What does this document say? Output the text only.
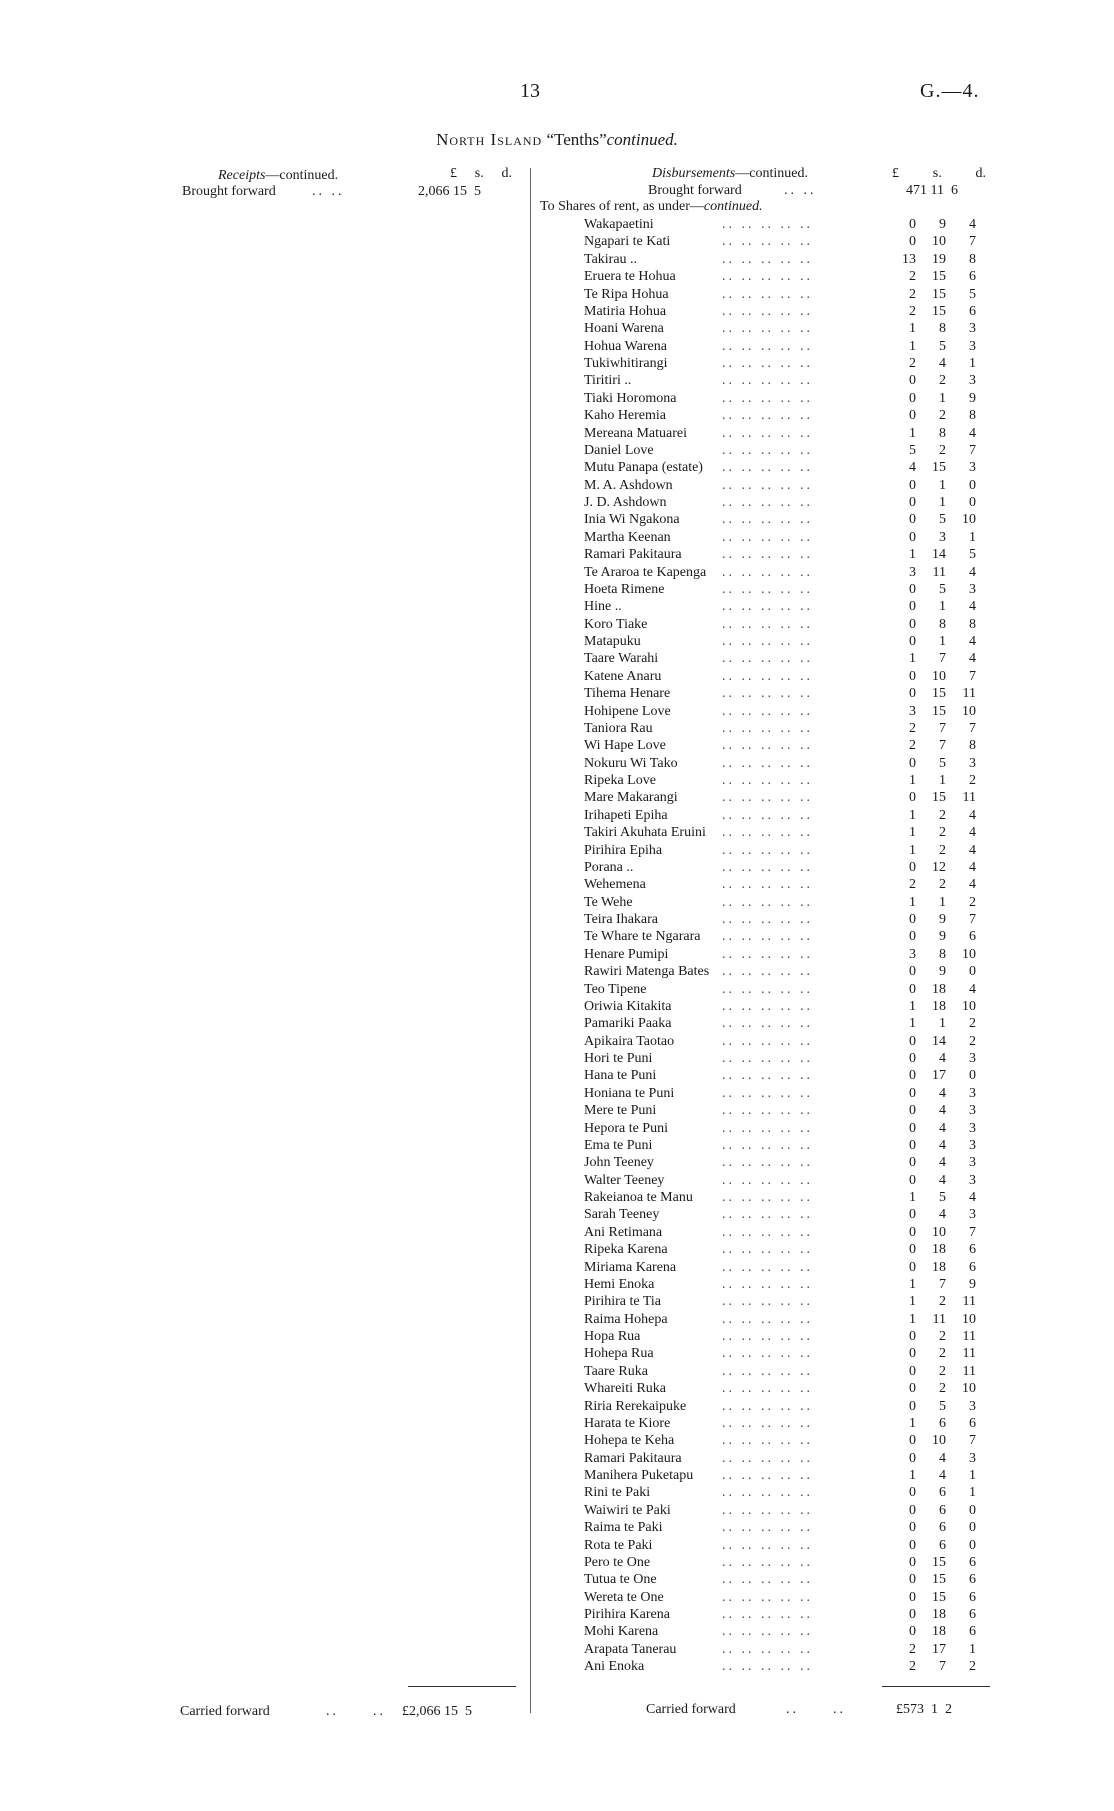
13	G.—4.
North Island “Tenths”continued.
Receipts—continued.	£ s. d.
Brought forward	.. ..	2,066 15  5
Carried forward	..   .. £2,066 15  5
Disbursements—continued.	£ s. d.
Brought forward	.. ..	471 11  6
To Shares of rent, as under—continued.
Wakapaetini	.. .. .. .. ..	0	9	4
Ngapari te Kati	.. .. .. .. ..	0	10	7
Takirau ..	.. .. .. .. ..	13	19	8
Eruera te Hohua	.. .. .. .. ..	2	15	6
Te Ripa Hohua	.. .. .. .. ..	2	15	5
Matiria Hohua	.. .. .. .. ..	2	15	6
Hoani Warena	.. .. .. .. ..	1	8	3
Hohua Warena	.. .. .. .. ..	1	5	3
Tukiwhitirangi	.. .. .. .. ..	2	4	1
Tiritiri ..	.. .. .. .. ..	0	2	3
Tiaki Horomona	.. .. .. .. ..	0	1	9
Kaho Heremia	.. .. .. .. ..	0	2	8
Mereana Matuarei	.. .. .. .. ..	1	8	4
Daniel Love	.. .. .. .. ..	5	2	7
Mutu Panapa (estate) .. .. .. .. ..	4	15	3
M. A. Ashdown	.. .. .. .. ..	0	1	0
J. D. Ashdown	.. .. .. .. ..	0	1	0
Inia Wi Ngakona	.. .. .. .. ..	0	5	10
Martha Keenan	.. .. .. .. ..	0	3	1
Ramari Pakitaura	.. .. .. .. ..	1	14	5
Te Araroa te Kapenga .. .. .. .. ..	3	11	4
Hoeta Rimene	.. .. .. .. ..	0	5	3
Hine ..	.. .. .. .. ..	0	1	4
Koro Tiake	.. .. .. .. ..	0	8	8
Matapuku	.. .. .. .. ..	0	1	4
Taare Warahi	.. .. .. .. ..	1	7	4
Katene Anaru	.. .. .. .. ..	0	10	7
Tihema Henare	.. .. .. .. ..	0	15	11
Hohipene Love	.. .. .. .. ..	3	15	10
Taniora Rau	.. .. .. .. ..	2	7	7
Wi Hape Love	.. .. .. .. ..	2	7	8
Nokuru Wi Tako	.. .. .. .. ..	0	5	3
Ripeka Love	.. .. .. .. ..	1	1	2
Mare Makarangi	.. .. .. .. ..	0	15	11
Irihapeti Epiha	.. .. .. .. ..	1	2	4
Takiri Akuhata Eruini .. .. .. .. ..	1	2	4
Pirihira Epiha	.. .. .. .. ..	1	2	4
Porana ..	.. .. .. .. ..	0	12	4
Wehemena	.. .. .. .. ..	2	2	4
Te Wehe	.. .. .. .. ..	1	1	2
Teira Ihakara	.. .. .. .. ..	0	9	7
Te Whare te Ngarara .. .. .. .. ..	0	9	6
Henare Pumipi	.. .. .. .. ..	3	8	10
Rawiri Matenga Bates .. .. .. .. ..	0	9	0
Teo Tipene	.. .. .. .. ..	0	18	4
Oriwia Kitakita	.. .. .. .. ..	1	18	10
Pamariki Paaka	.. .. .. .. ..	1	1	2
Apikaira Taotao	.. .. .. .. ..	0	14	2
Hori te Puni	.. .. .. .. ..	0	4	3
Hana te Puni	.. .. .. .. ..	0	17	0
Honiana te Puni	.. .. .. .. ..	0	4	3
Mere te Puni	.. .. .. .. ..	0	4	3
Hepora te Puni	.. .. .. .. ..	0	4	3
Ema te Puni	.. .. .. .. ..	0	4	3
John Teeney	.. .. .. .. ..	0	4	3
Walter Teeney	.. .. .. .. ..	0	4	3
Rakeianoa te Manu .. .. .. .. ..	1	5	4
Sarah Teeney	.. .. .. .. ..	0	4	3
Ani Retimana	.. .. .. .. ..	0	10	7
Ripeka Karena	.. .. .. .. ..	0	18	6
Miriama Karena	.. .. .. .. ..	0	18	6
Hemi Enoka	.. .. .. .. ..	1	7	9
Pirihira te Tia	.. .. .. .. ..	1	2	11
Raima Hohepa	.. .. .. .. ..	1	11	10
Hopa Rua	.. .. .. .. ..	0	2	11
Hohepa Rua	.. .. .. .. ..	0	2	11
Taare Ruka	.. .. .. .. ..	0	2	11
Whareiti Ruka	.. .. .. .. ..	0	2	10
Riria Rerekaipuke	.. .. .. .. ..	0	5	3
Harata te Kiore	.. .. .. .. ..	1	6	6
Hohepa te Keha	.. .. .. .. ..	0	10	7
Ramari Pakitaura	.. .. .. .. ..	0	4	3
Manihera Puketapu .. .. .. .. ..	1	4	1
Rini te Paki	.. .. .. .. ..	0	6	1
Waiwiri te Paki	.. .. .. .. ..	0	6	0
Raima te Paki	.. .. .. .. ..	0	6	0
Rota te Paki	.. .. .. .. ..	0	6	0
Pero te One	.. .. .. .. ..	0	15	6
Tutua te One	.. .. .. .. ..	0	15	6
Wereta te One	.. .. .. .. ..	0	15	6
Pirihira Karena	.. .. .. .. ..	0	18	6
Mohi Karena	.. .. .. .. ..	0	18	6
Arapata Tanerau	.. .. .. .. ..	2	17	1
Ani Enoka	.. .. .. .. ..	2	7	2
Carried forward	..   ..	£573  1  2
